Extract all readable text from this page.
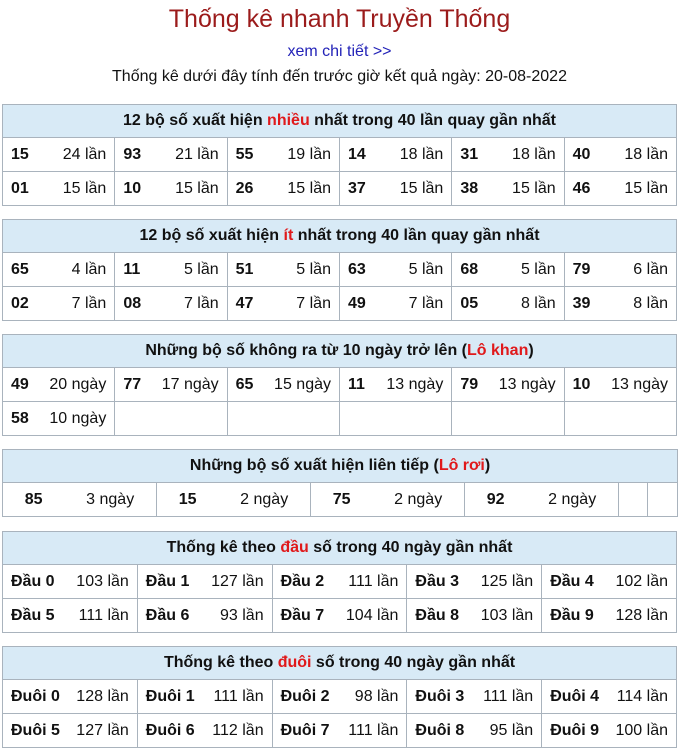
Thống kê nhanh Truyền Thống
xem chi tiết >>
Thống kê dưới đây tính đến trước giờ kết quả ngày: 20-08-2022
12 bộ số xuất hiện nhiều nhất trong 40 lần quay gần nhất					

15 24 lần	93 21 lần	55 19 lần	14 18 lần	31 18 lần	40 18 lần

01 15 lần	10 15 lần	26 15 lần	37 15 lần	38 15 lần	46 15 lần
12 bộ số xuất hiện ít nhất trong 40 lần quay gần nhất					

65 4 lần	11 5 lần	51 5 lần	63 5 lần	68 5 lần	79 6 lần

02 7 lần	08 7 lần	47 7 lần	49 7 lần	05 8 lần	39 8 lần
Những bộ số không ra từ 10 ngày trở lên (Lô khan)					

49 20 ngày	77 17 ngày	65 15 ngày	11 13 ngày	79 13 ngày	10 13 ngày

58 10 ngày					

Những bộ số xuất hiện liên tiếp (Lô rơi)

85	3 ngày	15	2 ngày	75	2 ngày	92	2 ngày

Thống kê theo đầu số trong 40 ngày gần nhất				

Đầu 0 103 lần	Đầu 1 127 lần	Đầu 2 111 lần	Đầu 3 125 lần	Đầu 4 102 lần

Đầu 5 111 lần	Đầu 6 93 lần	Đầu 7 104 lần	Đầu 8 103 lần	Đầu 9 128 lần
Thống kê theo đuôi số trong 40 ngày gần nhất				

Đuôi 0 128 lần	Đuôi 1 111 lần	Đuôi 2 98 lần	Đuôi 3 111 lần	Đuôi 4 114 lần

Đuôi 5 127 lần	Đuôi 6 112 lần	Đuôi 7 111 lần	Đuôi 8 95 lần	Đuôi 9 100 lần
